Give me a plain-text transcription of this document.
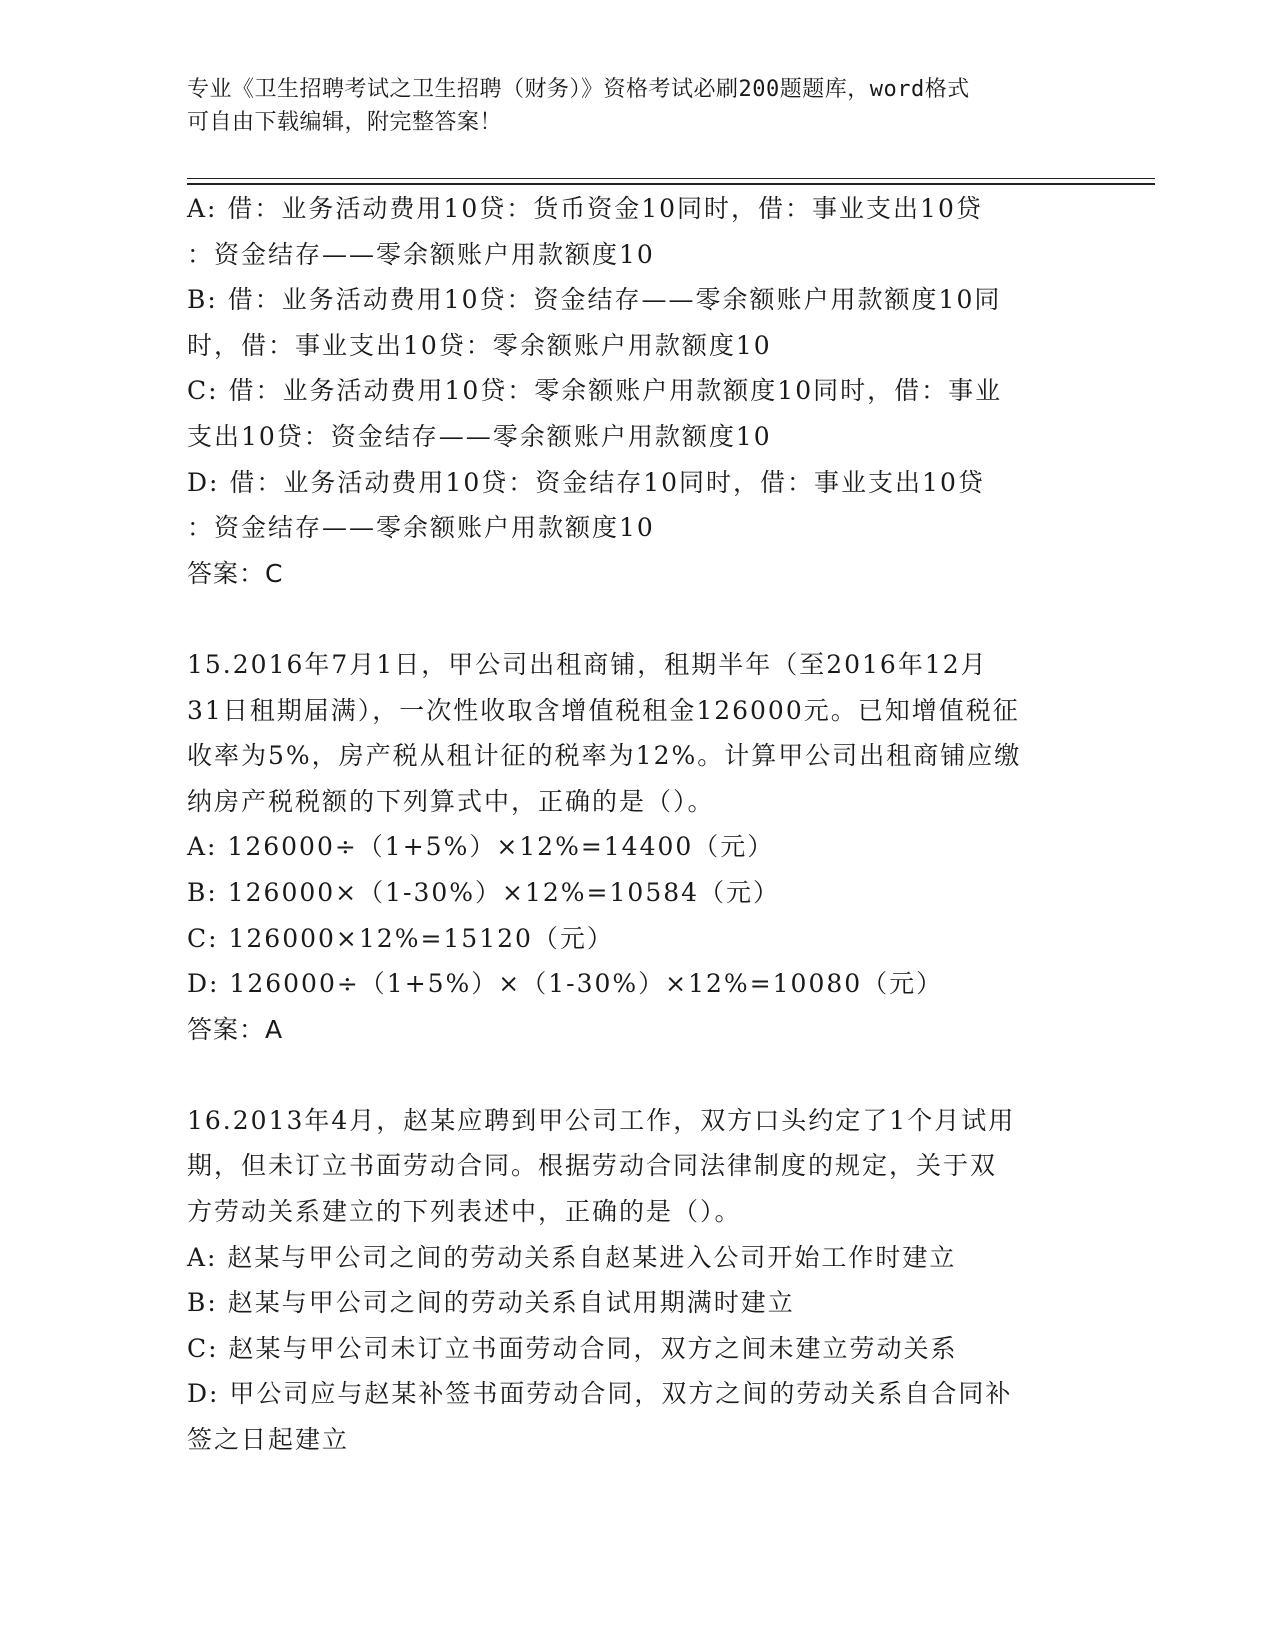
专业《卫生招聘考试之卫生招聘（财务）》资格考试必刷200题题库，word格式
可自由下载编辑，附完整答案！
A: 借：业务活动费用10贷：货币资金10同时，借：事业支出10贷
：资金结存——零余额账户用款额度10
B: 借：业务活动费用10贷：资金结存——零余额账户用款额度10同
时，借：事业支出10贷：零余额账户用款额度10
C: 借：业务活动费用10贷：零余额账户用款额度10同时，借：事业
支出10贷：资金结存——零余额账户用款额度10
D: 借：业务活动费用10贷：资金结存10同时，借：事业支出10贷
：资金结存——零余额账户用款额度10
答案：C
15.2016年7月1日，甲公司出租商铺，租期半年（至2016年12月
31日租期届满），一次性收取含增值税租金126000元。已知增值税征
收率为5%，房产税从租计征的税率为12%。计算甲公司出租商铺应缴
纳房产税税额的下列算式中，正确的是（）。
A: 126000÷（1+5%）×12%=14400（元）
B: 126000×（1-30%）×12%=10584（元）
C: 126000×12%=15120（元）
D: 126000÷（1+5%）×（1-30%）×12%=10080（元）
答案：A
16.2013年4月，赵某应聘到甲公司工作，双方口头约定了1个月试用
期，但未订立书面劳动合同。根据劳动合同法律制度的规定，关于双
方劳动关系建立的下列表述中，正确的是（）。
A: 赵某与甲公司之间的劳动关系自赵某进入公司开始工作时建立
B: 赵某与甲公司之间的劳动关系自试用期满时建立
C: 赵某与甲公司未订立书面劳动合同，双方之间未建立劳动关系
D: 甲公司应与赵某补签书面劳动合同，双方之间的劳动关系自合同补
签之日起建立
